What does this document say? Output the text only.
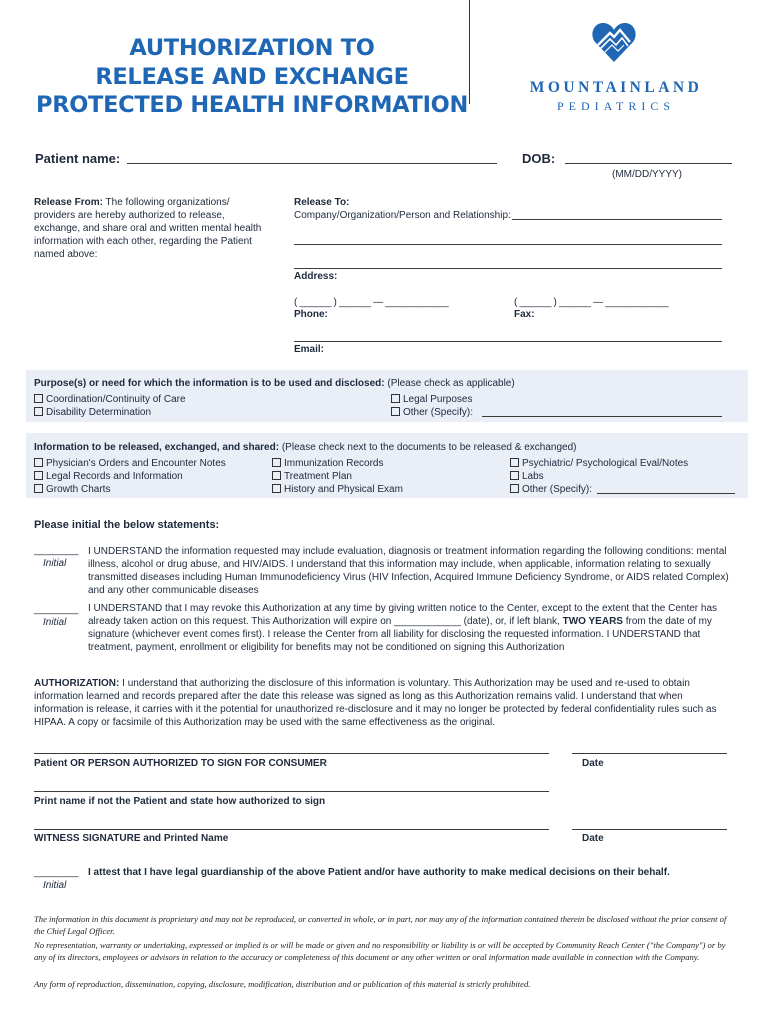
AUTHORIZATION TO
RELEASE AND EXCHANGE
PROTECTED HEALTH INFORMATION
MOUNTAINLAND
PEDIATRICS
Patient name:	DOB:
(MM/DD/YYYY)
Release From: The following organizations/ providers are hereby authorized to release, exchange, and share oral and written mental health information with each other, regarding the Patient named above:
Release To:
Company/Organization/Person and Relationship:
Address:
( ______ ) ______ — ____________
Phone:
( ______ ) ______ — ____________
Fax:
Email:
Purpose(s) or need for which the information is to be used and disclosed: (Please check as applicable)
Coordination/Continuity of Care
Disability Determination
Legal Purposes
Other (Specify):
Information to be released, exchanged, and shared: (Please check next to the documents to be released & exchanged)
Physician's Orders and Encounter Notes
Legal Records and Information
Growth Charts
Immunization Records
Treatment Plan
History and Physical Exam
Psychiatric/ Psychological Eval/Notes
Labs
Other (Specify):
Please initial the below statements:
________
Initial
I UNDERSTAND the information requested may include evaluation, diagnosis or treatment information regarding the following conditions: mental illness, alcohol or drug abuse, and HIV/AIDS. I understand that this information may include, when applicable, information relating to sexually transmitted diseases including Human Immunodeficiency Virus (HIV Infection, Acquired Immune Deficiency Syndrome, or AIDS related Complex) and any other communicable diseases
________
Initial
I UNDERSTAND that I may revoke this Authorization at any time by giving written notice to the Center, except to the extent that the Center has already taken action on this request. This Authorization will expire on ____________ (date), or, if left blank, TWO YEARS from the date of my signature (whichever event comes first). I release the Center from all liability for disclosing the requested information. I UNDERSTAND that treatment, payment, enrollment or eligibility for benefits may not be conditioned on signing this Authorization
AUTHORIZATION: I understand that authorizing the disclosure of this information is voluntary. This Authorization may be used and re-used to obtain information learned and records prepared after the date this release was signed as long as this Authorization remains valid. I understand that when information is release, it carries with it the potential for unauthorized re-disclosure and it may no longer be protected by federal confidentiality rules such as HIPAA. A copy or facsimile of this Authorization may be used with the same effectiveness as the original.
Patient OR PERSON AUTHORIZED TO SIGN FOR CONSUMER	Date
Print name if not the Patient and state how authorized to sign
WITNESS SIGNATURE and Printed Name	Date
________
Initial
I attest that I have legal guardianship of the above Patient and/or have authority to make medical decisions on their behalf.
The information in this document is proprietary and may not be reproduced, or converted in whole, or in part, nor may any of the information contained therein be disclosed without the prior consent of the Chief Legal Officer.
No representation, warranty or undertaking, expressed or implied is or will be made or given and no responsibility or liability is or will be accepted by Community Reach Center ("the Company") or by any of its directors, employees or advisors in relation to the accuracy or completeness of this document or any other written or oral information made available in connection with the Company.
Any form of reproduction, dissemination, copying, disclosure, modification, distribution and or publication of this material is strictly prohibited.
